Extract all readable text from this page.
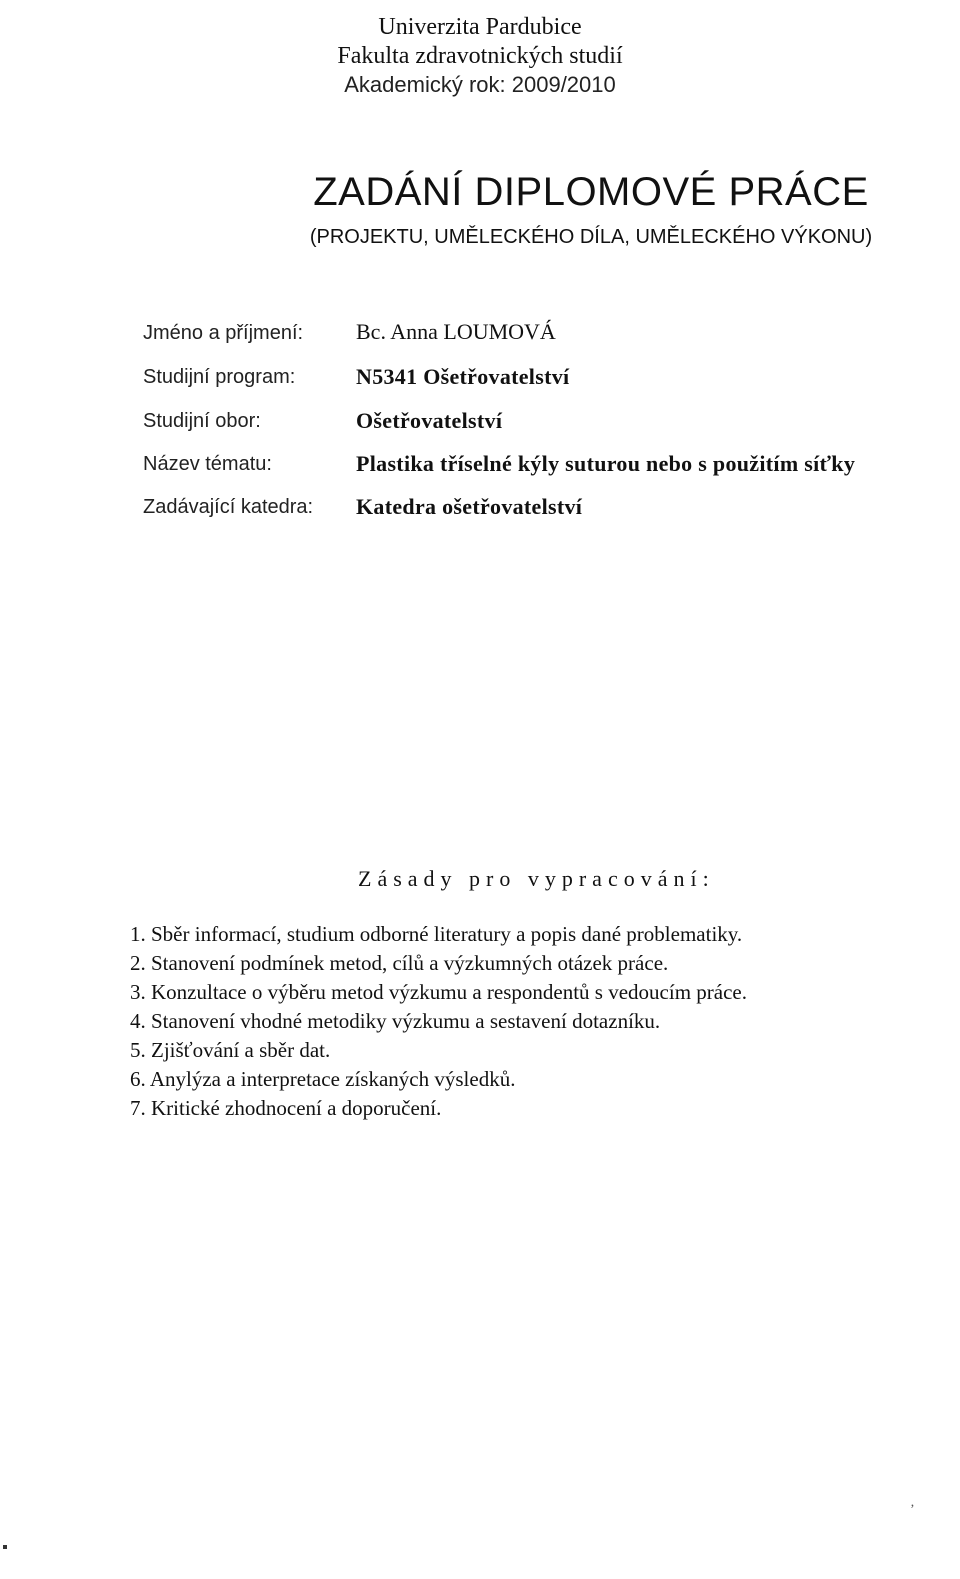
Univerzita Pardubice
Fakulta zdravotnických studií
Akademický rok: 2009/2010
ZADÁNÍ DIPLOMOVÉ PRÁCE
(PROJEKTU, UMĚLECKÉHO DÍLA, UMĚLECKÉHO VÝKONU)
Jméno a příjmení: Bc. Anna LOUMOVÁ
Studijní program:	N5341 Ošetřovatelství
Studijní obor:	Ošetřovatelství
Název tématu:	Plastika tříselné kýly suturou nebo s použitím síťky
Zadávající katedra: Katedra ošetřovatelství
Zásady pro vypracování:
1. Sběr informací, studium odborné literatury a popis dané problematiky.
2. Stanovení podmínek metod, cílů a výzkumných otázek práce.
3. Konzultace o výběru metod výzkumu a respondentů s vedoucím práce.
4. Stanovení vhodné metodiky výzkumu a sestavení dotazníku.
5. Zjišťování a sběr dat.
6. Anylýza a interpretace získaných výsledků.
7. Kritické zhodnocení a doporučení.
‚
